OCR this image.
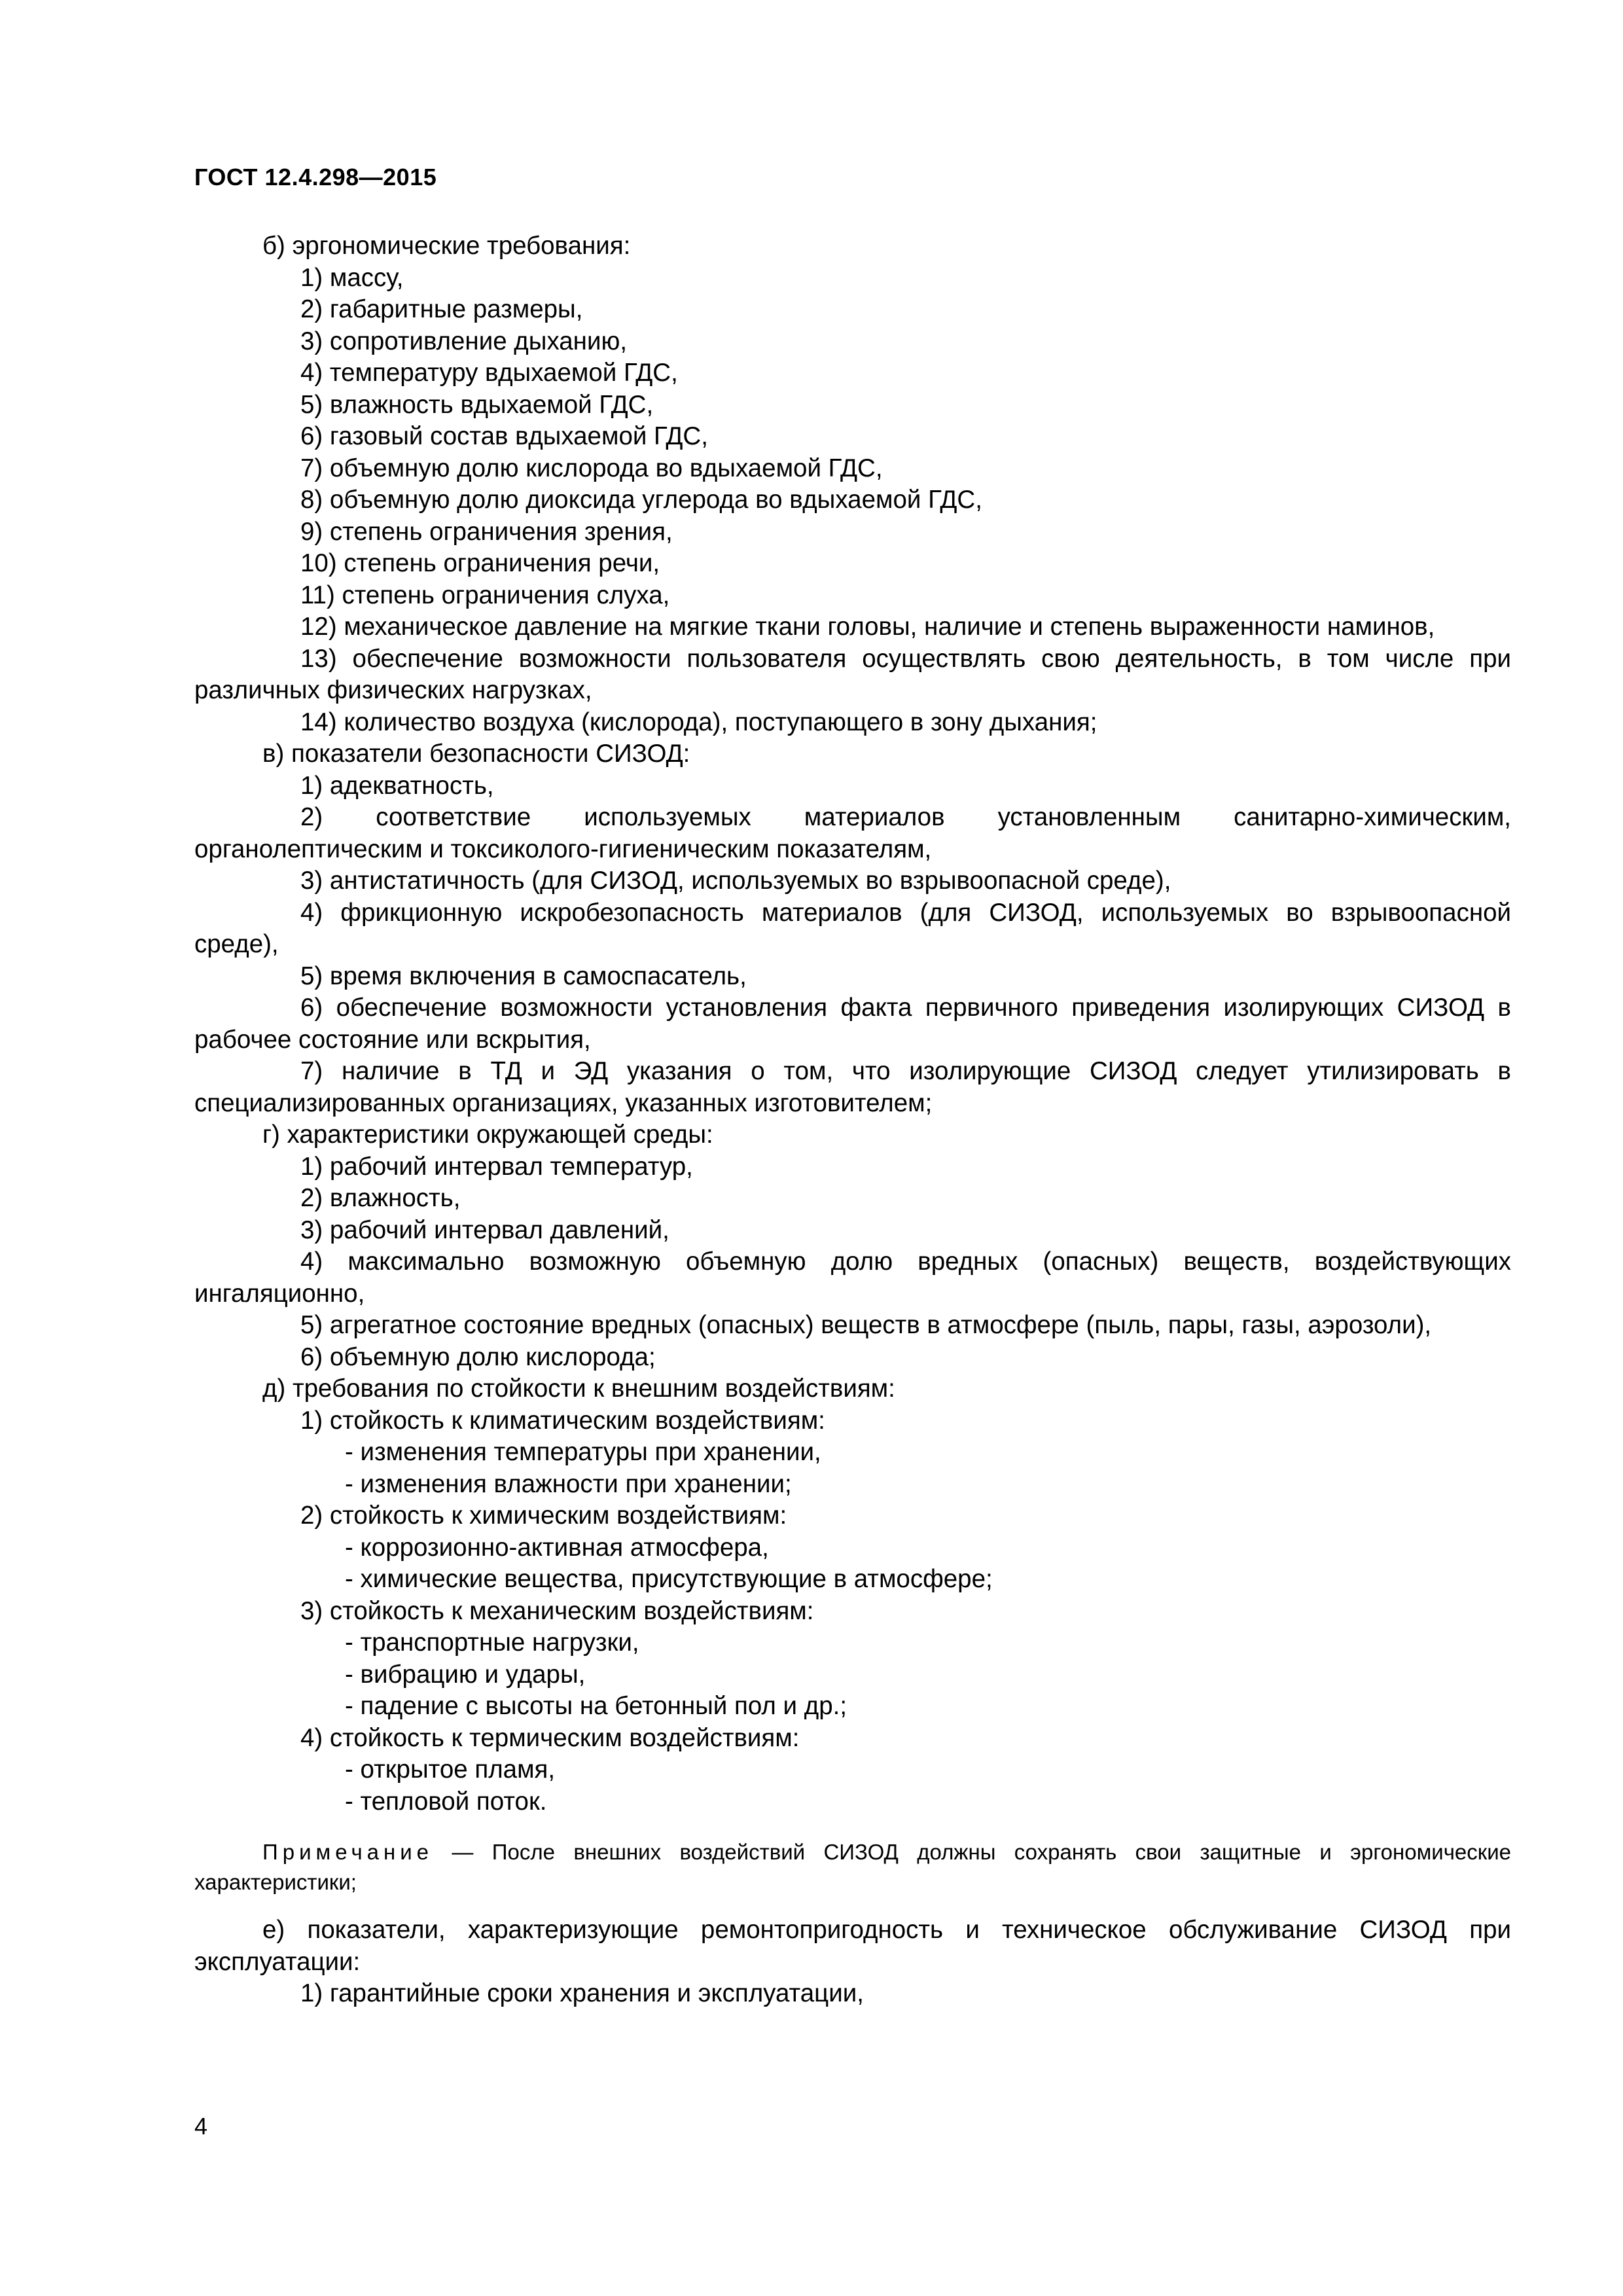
ГОСТ 12.4.298—2015
б) эргономические требования:
1) массу,
2) габаритные размеры,
3) сопротивление дыханию,
4) температуру вдыхаемой ГДС,
5) влажность вдыхаемой ГДС,
6) газовый состав вдыхаемой ГДС,
7) объемную долю кислорода во вдыхаемой ГДС,
8) объемную долю диоксида углерода во вдыхаемой ГДС,
9) степень ограничения зрения,
10) степень ограничения речи,
11) степень ограничения слуха,
12) механическое давление на мягкие ткани головы, наличие и степень выраженности наминов,
13) обеспечение возможности пользователя осуществлять свою деятельность, в том числе при различных физических нагрузках,
14) количество воздуха (кислорода), поступающего в зону дыхания;
в) показатели безопасности СИЗОД:
1) адекватность,
2) соответствие используемых материалов установленным санитарно-химическим, органолептическим и токсиколого-гигиеническим показателям,
3) антистатичность (для СИЗОД, используемых во взрывоопасной среде),
4) фрикционную искробезопасность материалов (для СИЗОД, используемых во взрывоопасной среде),
5) время включения в самоспасатель,
6) обеспечение возможности установления факта первичного приведения изолирующих СИЗОД в рабочее состояние или вскрытия,
7) наличие в ТД и ЭД указания о том, что изолирующие СИЗОД следует утилизировать в специализированных организациях, указанных изготовителем;
г) характеристики окружающей среды:
1) рабочий интервал температур,
2) влажность,
3) рабочий интервал давлений,
4) максимально возможную объемную долю вредных (опасных) веществ, воздействующих ингаляционно,
5) агрегатное состояние вредных (опасных) веществ в атмосфере (пыль, пары, газы, аэрозоли),
6) объемную долю кислорода;
д) требования по стойкости к внешним воздействиям:
1) стойкость к климатическим воздействиям:
- изменения температуры при хранении,
- изменения влажности при хранении;
2) стойкость к химическим воздействиям:
- коррозионно-активная атмосфера,
- химические вещества, присутствующие в атмосфере;
3) стойкость к механическим воздействиям:
- транспортные нагрузки,
- вибрацию и удары,
- падение с высоты на бетонный пол и др.;
4) стойкость к термическим воздействиям:
- открытое пламя,
- тепловой поток.
Примечание — После внешних воздействий СИЗОД должны сохранять свои защитные и эргономические характеристики;
е) показатели, характеризующие ремонтопригодность и техническое обслуживание СИЗОД при эксплуатации:
1) гарантийные сроки хранения и эксплуатации,
4
